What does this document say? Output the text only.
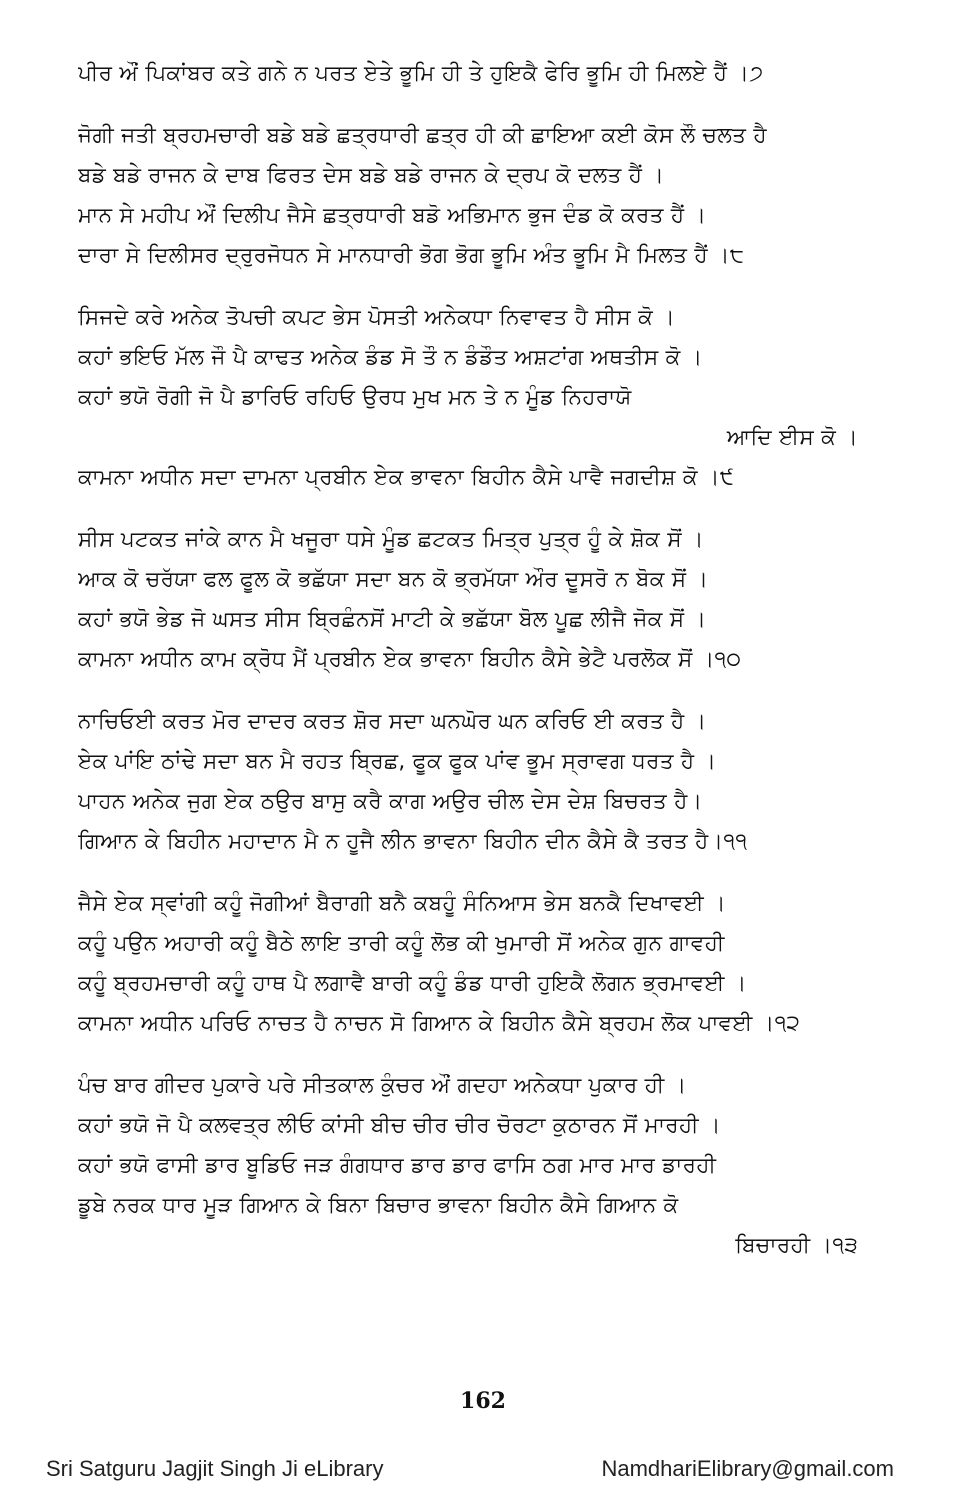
ਪੀਰ ਔਂ ਪਿਕਾਂਬਰ ਕਤੇ ਗਨੇ ਨ ਪਰਤ ਏਤੇ ਭੂਮਿ ਹੀ ਤੇ ਹੁਇਕੈ ਫੇਰਿ ਭੂਮਿ ਹੀ ਮਿਲਏ ਹੈਂ ।੭
ਜੋਗੀ ਜਤੀ ਬ੍ਰਹਮਚਾਰੀ ਬਡੇ ਬਡੇ ਛਤ੍ਰਧਾਰੀ ਛਤ੍ਰ ਹੀ ਕੀ ਛਾਇਆ ਕਈ ਕੋਸ ਲੌ ਚਲਤ ਹੈ
ਬਡੇ ਬਡੇ ਰਾਜਨ ਕੇ ਦਾਬ ਫਿਰਤ ਦੇਸ ਬਡੇ ਬਡੇ ਰਾਜਨ ਕੇ ਦ੍ਰਪ ਕੋ ਦਲਤ ਹੈਂ ।
ਮਾਨ ਸੇ ਮਹੀਪ ਔਂ ਦਿਲੀਪ ਜੈਸੇ ਛਤ੍ਰਧਾਰੀ ਬਡੋ ਅਭਿਮਾਨ ਭੁਜ ਦੰਡ ਕੋ ਕਰਤ ਹੈਂ ।
ਦਾਰਾ ਸੇ ਦਿਲੀਸਰ ਦ੍ਰੁਰਜੋਧਨ ਸੇ ਮਾਨਧਾਰੀ ਭੋਗ ਭੋਗ ਭੂਮਿ ਅੰਤ ਭੂਮਿ ਮੈ ਮਿਲਤ ਹੈਂ ।੮
ਸਿਜਦੇ ਕਰੇ ਅਨੇਕ ਤੋਪਚੀ ਕਪਟ ਭੇਸ ਪੋਸਤੀ ਅਨੇਕਧਾ ਨਿਵਾਵਤ ਹੈ ਸੀਸ ਕੋ ।
ਕਹਾਂ ਭਇਓ ਮੱਲ ਜੌ ਪੈ ਕਾਢਤ ਅਨੇਕ ਡੰਡ ਸੋ ਤੌ ਨ ਡੰਡੌਤ ਅਸ਼ਟਾਂਗ ਅਥਤੀਸ ਕੋ ।
ਕਹਾਂ ਭਯੋ ਰੋਗੀ ਜੋ ਪੈ ਡਾਰਿਓ ਰਹਿਓ ਉਰਧ ਮੁਖ ਮਨ ਤੇ ਨ ਮੂੰਡ ਨਿਹਰਾਯੋ
ਆਦਿ ਈਸ ਕੋ ।
ਕਾਮਨਾ ਅਧੀਨ ਸਦਾ ਦਾਮਨਾ ਪ੍ਰਬੀਨ ਏਕ ਭਾਵਨਾ ਬਿਹੀਨ ਕੈਸੇ ਪਾਵੈ ਜਗਦੀਸ਼ ਕੋ ।੯
ਸੀਸ ਪਟਕਤ ਜਾਂਕੇ ਕਾਨ ਮੈ ਖਜੂਰਾ ਧਸੇ ਮੂੰਡ ਛਟਕਤ ਮਿਤ੍ਰ ਪੁਤ੍ਰ ਹੂੰ ਕੇ ਸ਼ੋਕ ਸੋਂ ।
ਆਕ ਕੋ ਚਰੱਯਾ ਫਲ ਫੂਲ ਕੋ ਭਛੱਯਾ ਸਦਾ ਬਨ ਕੋ ਭ੍ਰਮੱਯਾ ਔਰ ਦੂਸਰੋ ਨ ਬੋਕ ਸੋਂ ।
ਕਹਾਂ ਭਯੋ ਭੇਡ ਜੋ ਘਸਤ ਸੀਸ ਬ੍ਰਿਛੰਨਸੋਂ ਮਾਟੀ ਕੇ ਭਛੱਯਾ ਬੋਲ ਪੂਛ ਲੀਜੈ ਜੋਕ ਸੋਂ ।
ਕਾਮਨਾ ਅਧੀਨ ਕਾਮ ਕ੍ਰੋਧ ਮੈਂ ਪ੍ਰਬੀਨ ਏਕ ਭਾਵਨਾ ਬਿਹੀਨ ਕੈਸੇ ਭੇਟੈ ਪਰਲੋਕ ਸੋਂ ।੧੦
ਨਾਚਿਓਈ ਕਰਤ ਮੋਰ ਦਾਦਰ ਕਰਤ ਸ਼ੋਰ ਸਦਾ ਘਨਘੋਰ ਘਨ ਕਰਿਓ ਈ ਕਰਤ ਹੈ ।
ਏਕ ਪਾਂਇ ਠਾਂਢੇ ਸਦਾ ਬਨ ਮੈ ਰਹਤ ਬ੍ਰਿਛ, ਫੂਕ ਫੂਕ ਪਾਂਵ ਭੂਮ ਸ੍ਰਾਵਗ ਧਰਤ ਹੈ ।
ਪਾਹਨ ਅਨੇਕ ਜੁਗ ਏਕ ਠਉਰ ਬਾਸੁ ਕਰੈ ਕਾਗ ਅਉਰ ਚੀਲ ਦੇਸ ਦੇਸ਼ ਬਿਚਰਤ ਹੈ।
ਗਿਆਨ ਕੇ ਬਿਹੀਨ ਮਹਾਦਾਨ ਮੈ ਨ ਹੂਜੈ ਲੀਨ ਭਾਵਨਾ ਬਿਹੀਨ ਦੀਨ ਕੈਸੇ ਕੈ ਤਰਤ ਹੈ।੧੧
ਜੈਸੇ ਏਕ ਸ੍ਵਾਂਗੀ ਕਹੂੰ ਜੋਗੀਆਂ ਬੈਰਾਗੀ ਬਨੈ ਕਬਹੂੰ ਸੰਨਿਆਸ ਭੇਸ ਬਨਕੈ ਦਿਖਾਵਈ ।
ਕਹੂੰ ਪਉਨ ਅਹਾਰੀ ਕਹੂੰ ਬੈਠੇ ਲਾਇ ਤਾਰੀ ਕਹੂੰ ਲੋਭ ਕੀ ਖੁਮਾਰੀ ਸੋਂ ਅਨੇਕ ਗੁਨ ਗਾਵਹੀ
ਕਹੂੰ ਬ੍ਰਹਮਚਾਰੀ ਕਹੂੰ ਹਾਥ ਪੈ ਲਗਾਵੈ ਬਾਰੀ ਕਹੂੰ ਡੰਡ ਧਾਰੀ ਹੁਇਕੈ ਲੋਗਨ ਭ੍ਰਮਾਵਈ ।
ਕਾਮਨਾ ਅਧੀਨ ਪਰਿਓ ਨਾਚਤ ਹੈ ਨਾਚਨ ਸੋ ਗਿਆਨ ਕੇ ਬਿਹੀਨ ਕੈਸੇ ਬ੍ਰਹਮ ਲੋਕ ਪਾਵਈ ।੧੨
ਪੰਚ ਬਾਰ ਗੀਦਰ ਪੁਕਾਰੇ ਪਰੇ ਸੀਤਕਾਲ ਕੁੰਚਰ ਔਂ ਗਦਹਾ ਅਨੇਕਧਾ ਪੁਕਾਰ ਹੀ ।
ਕਹਾਂ ਭਯੋ ਜੋ ਪੈ ਕਲਵਤ੍ਰ ਲੀਓ ਕਾਂਸੀ ਬੀਚ ਚੀਰ ਚੀਰ ਚੋਰਟਾ ਕੁਠਾਰਨ ਸੋਂ ਮਾਰਹੀ ।
ਕਹਾਂ ਭਯੋ ਫਾਸੀ ਡਾਰ ਬੂਡਿਓ ਜੜ ਗੰਗਧਾਰ ਡਾਰ ਡਾਰ ਫਾਸਿ ਠਗ ਮਾਰ ਮਾਰ ਡਾਰਹੀ
ਡੂਬੇ ਨਰਕ ਧਾਰ ਮੂੜ ਗਿਆਨ ਕੇ ਬਿਨਾ ਬਿਚਾਰ ਭਾਵਨਾ ਬਿਹੀਨ ਕੈਸੇ ਗਿਆਨ ਕੋ
ਬਿਚਾਰਹੀ ।੧੩
162
Sri Satguru Jagjit Singh Ji eLibrary	NamdhariElibrary@gmail.com
